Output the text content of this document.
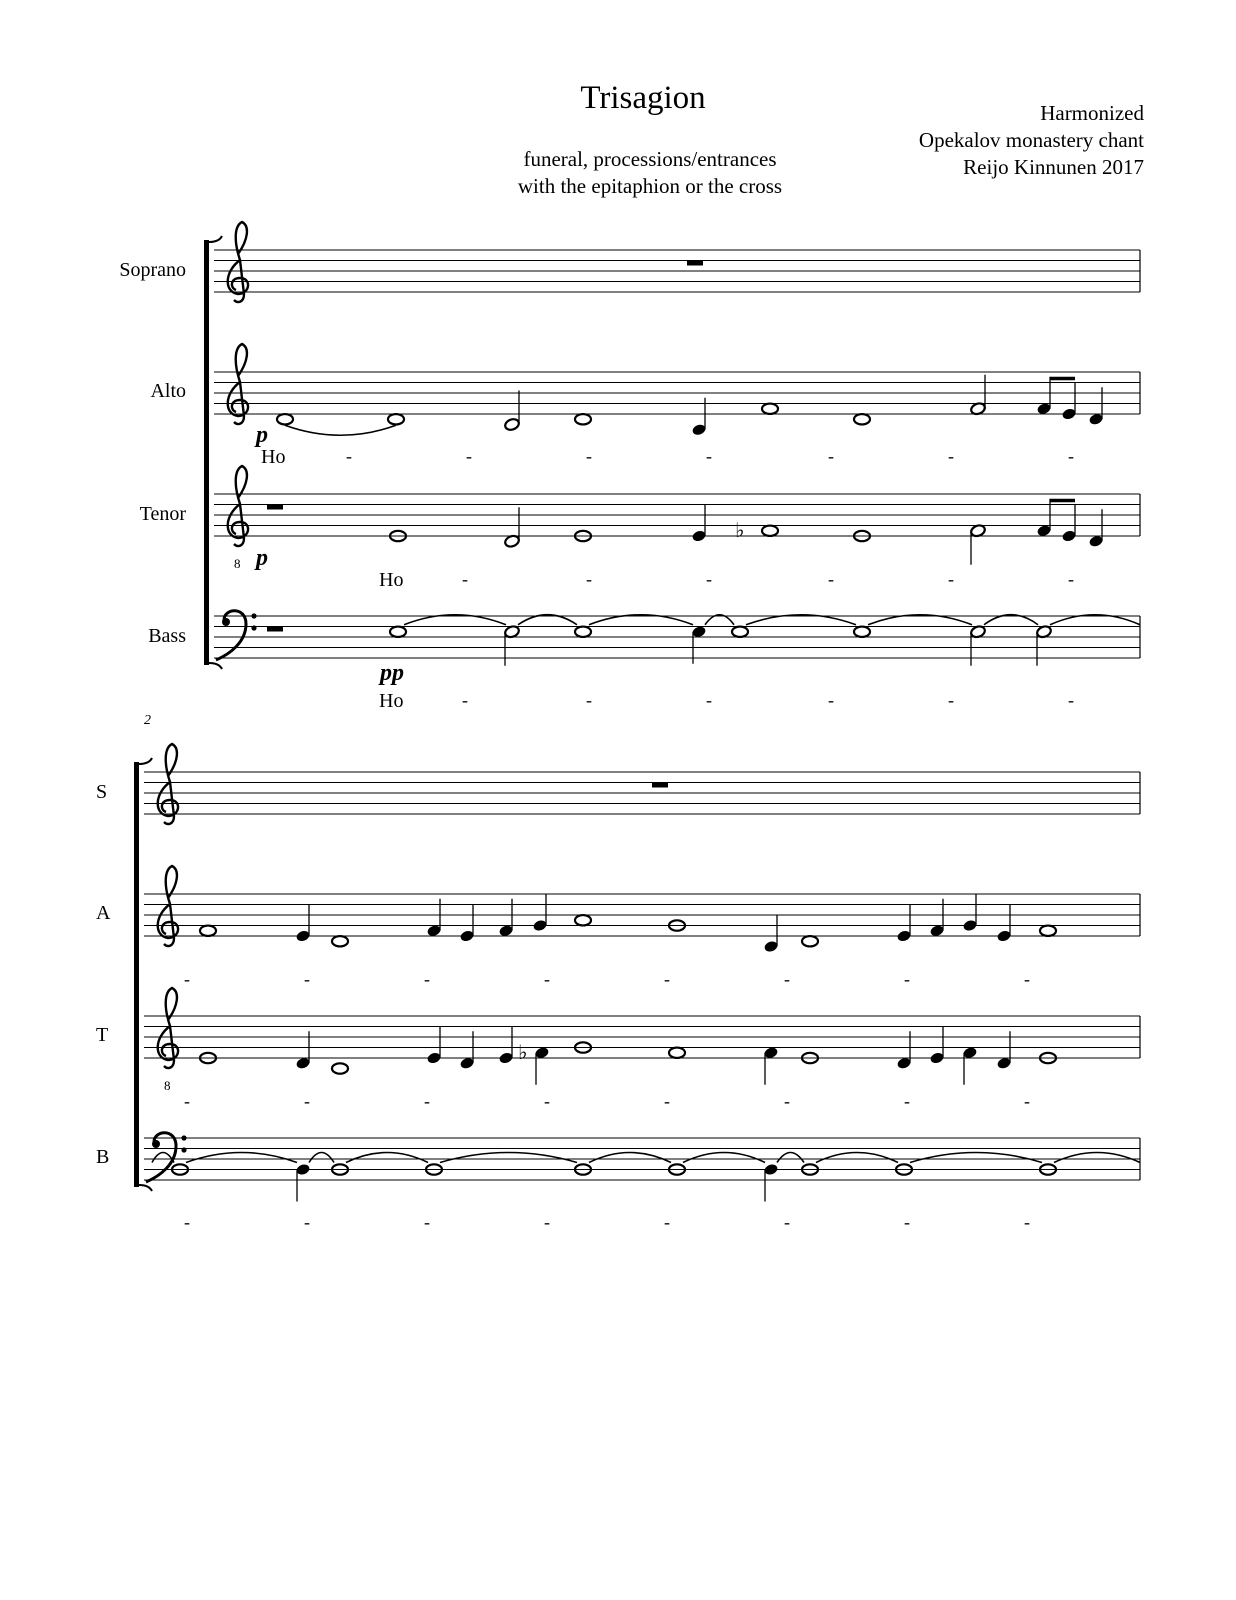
Trisagion
funeral, processions/entrances
with the epitaphion or the cross
Harmonized
Opekalov monastery chant
Reijo Kinnunen 2017
Soprano
Alto
Tenor
Bass
S
A
T
B
2
p
p
pp
Ho
Ho
Ho
-	-	-	-	-	-	-
-	-	-	-	-	-
-	-	-	-	-	-
-
-
-
-
-
-
-
-
-
-
-
-
-
-
-
-
-
-
-
-
-
-
-
-
8
8
♭
♭
